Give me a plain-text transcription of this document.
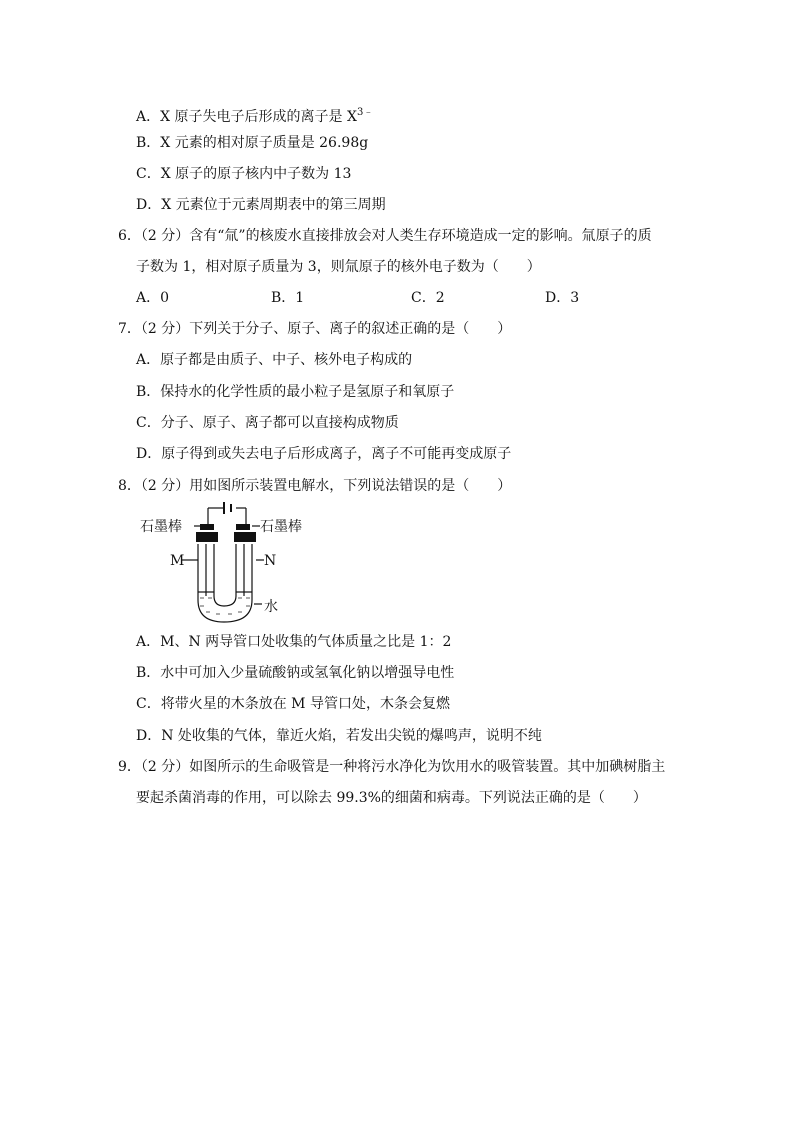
A．X 原子失电子后形成的离子是 $X^{3﹣}$
B．X 元素的相对原子质量是 26.98g
C．X 原子的原子核内中子数为 13
D．X 元素位于元素周期表中的第三周期
6．（2 分）含有“氚”的核废水直接排放会对人类生存环境造成一定的影响。氚原子的质
子数为 1，相对原子质量为 3，则氚原子的核外电子数为（　　）
A．0	B．1	C．2	D．3
7．（2 分）下列关于分子、原子、离子的叙述正确的是（　　）
A．原子都是由质子、中子、核外电子构成的
B．保持水的化学性质的最小粒子是氢原子和氧原子
C．分子、原子、离子都可以直接构成物质
D．原子得到或失去电子后形成离子，离子不可能再变成原子
8．（2 分）用如图所示装置电解水，下列说法错误的是（　　）
石墨棒	石墨棒
M	N
水
A．M、N 两导管口处收集的气体质量之比是 1：2
B．水中可加入少量硫酸钠或氢氧化钠以增强导电性
C．将带火星的木条放在 M 导管口处，木条会复燃
D．N 处收集的气体，靠近火焰，若发出尖锐的爆鸣声，说明不纯
9．（2 分）如图所示的生命吸管是一种将污水净化为饮用水的吸管装置。其中加碘树脂主
要起杀菌消毒的作用，可以除去 99.3%的细菌和病毒。下列说法正确的是（　　）
